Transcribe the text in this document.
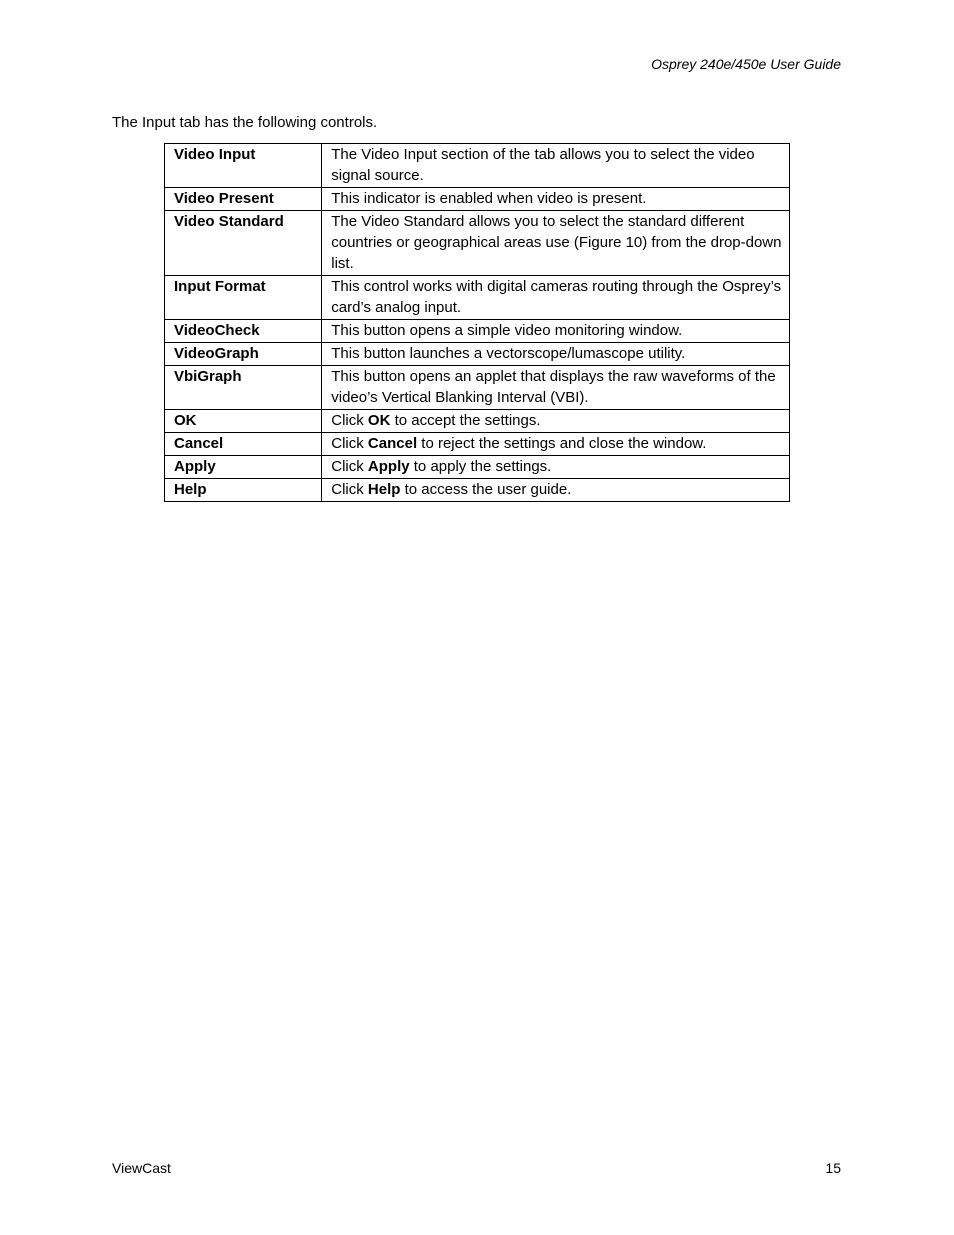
Osprey 240e/450e User Guide

The Input tab has the following controls.

Video Input	The Video Input section of the tab allows you to select the video signal source.
Video Present	This indicator is enabled when video is present.
Video Standard	The Video Standard allows you to select the standard different countries or geographical areas use (Figure 10) from the drop-down list.
Input Format	This control works with digital cameras routing through the Osprey’s card’s analog input.
VideoCheck	This button opens a simple video monitoring window.
VideoGraph	This button launches a vectorscope/lumascope utility.
VbiGraph	This button opens an applet that displays the raw waveforms of the video’s Vertical Blanking Interval (VBI).
OK	Click OK to accept the settings.
Cancel	Click Cancel to reject the settings and close the window.
Apply	Click Apply to apply the settings.
Help	Click Help to access the user guide.
ViewCast	15
